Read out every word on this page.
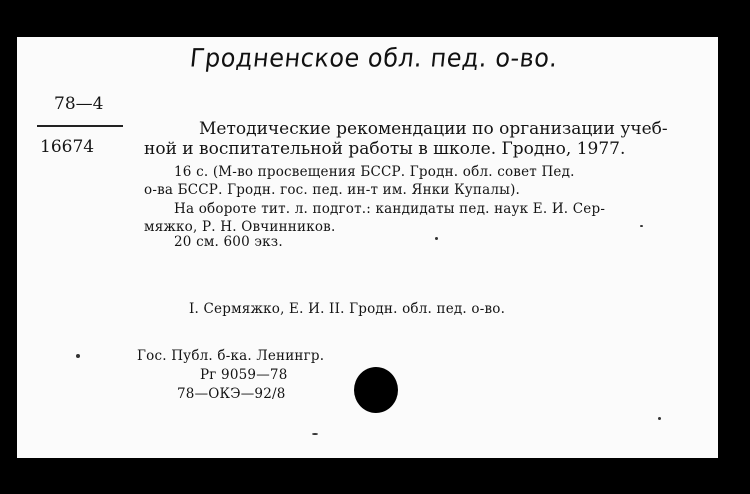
Гродненское обл. пед. о-во.
78—4
16674
Методические рекомендации по организации учеб-
ной и воспитательной работы в школе. Гродно, 1977.
16 с. (М-во просвещения БССР. Гродн. обл. совет Пед.
о-ва БССР. Гродн. гос. пед. ин-т им. Янки Купалы).
На обороте тит. л. подгот.: кандидаты пед. наук Е. И. Сер-
мяжко, Р. Н. Овчинников.
20 см. 600 экз.
I. Сермяжко, Е. И. II. Гродн. обл. пед. о-во.
Гос. Публ. б-ка. Ленингр.
Рг 9059—78
78—ОКЭ—92/8
